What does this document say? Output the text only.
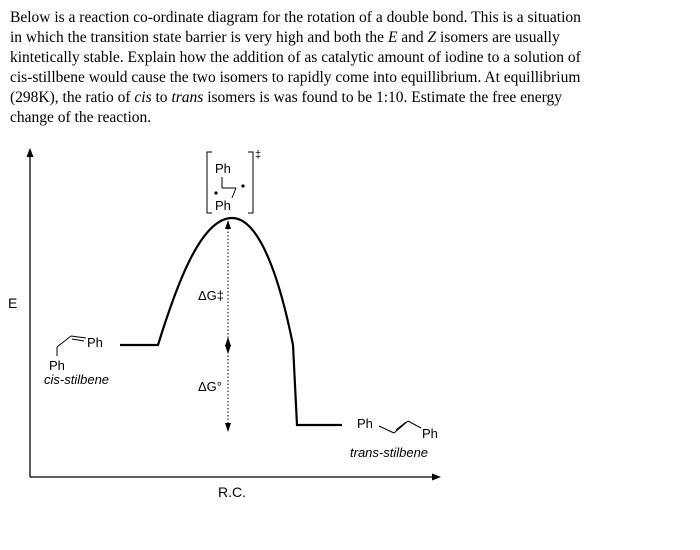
Below is a reaction co-ordinate diagram for the rotation of a double bond. This is a situation
in which the transition state barrier is very high and both the E and Z isomers are usually
kintetically stable. Explain how the addition of as catalytic amount of iodine to a solution of
cis-stillbene would cause the two isomers to rapidly come into equillibrium. At equillibrium
(298K), the ratio of cis to trans isomers is was found to be 1:10. Estimate the free energy
change of the reaction.
E
R.C.
ΔG‡
ΔG°
Ph
Ph
‡
Ph
Ph
cis-stilbene
Ph
Ph
trans-stilbene
